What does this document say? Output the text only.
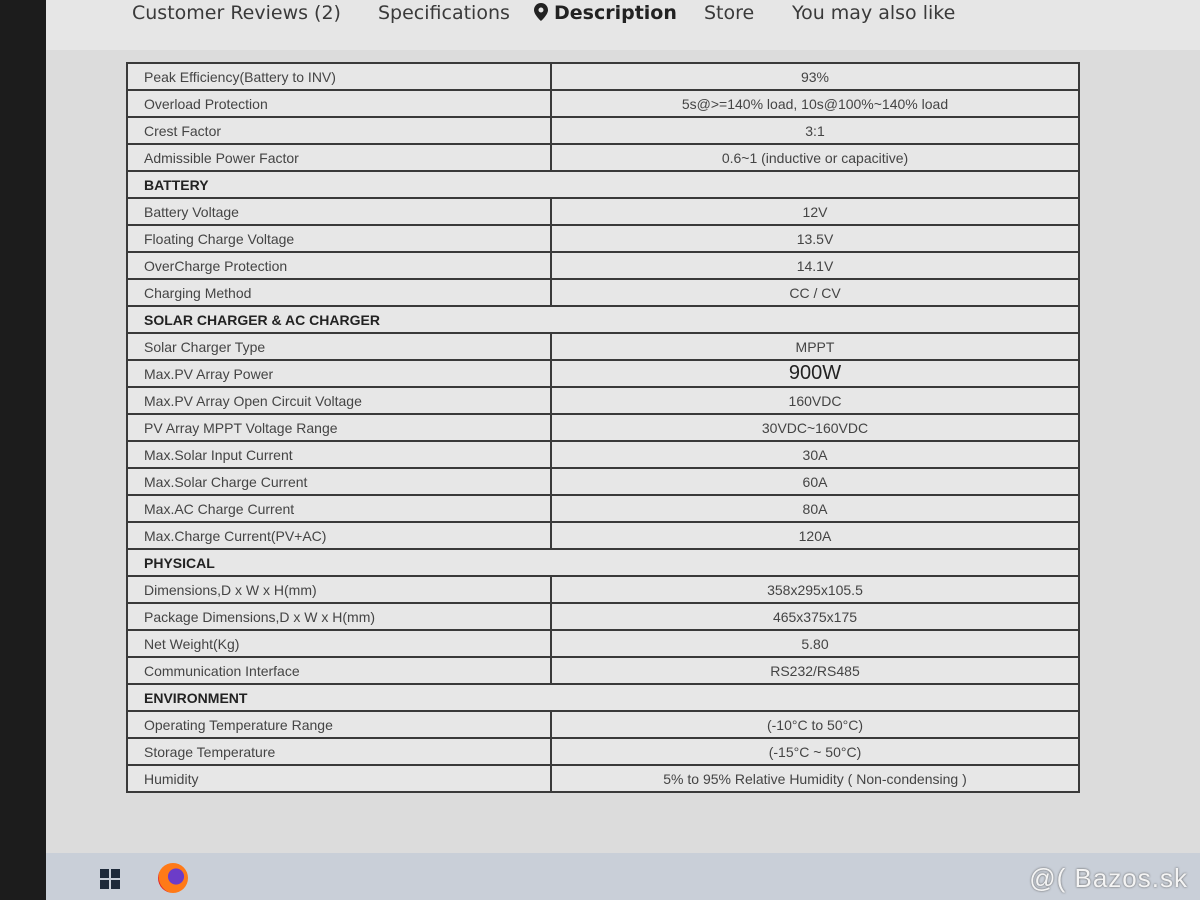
Customer Reviews (2) Specifications	Description Store You may also like
Peak Efficiency(Battery to INV)	93%
Overload Protection	5s@>=140% load, 10s@100%~140% load
Crest Factor	3:1
Admissible Power Factor	0.6~1 (inductive or capacitive)
BATTERY	
Battery Voltage	12V
Floating Charge Voltage	13.5V
OverCharge Protection	14.1V
Charging Method	CC / CV
SOLAR CHARGER & AC CHARGER	
Solar Charger Type	MPPT
Max.PV Array Power	900W
Max.PV Array Open Circuit Voltage	160VDC
PV Array MPPT Voltage Range	30VDC~160VDC
Max.Solar Input Current	30A
Max.Solar Charge Current	60A
Max.AC Charge Current	80A
Max.Charge Current(PV+AC)	120A
PHYSICAL	
Dimensions,D x W x H(mm)	358x295x105.5
Package Dimensions,D x W x H(mm)	465x375x175
Net Weight(Kg)	5.80
Communication Interface	RS232/RS485
ENVIRONMENT	
Operating Temperature Range	(-10°C to 50°C)
Storage Temperature	(-15°C ~ 50°C)
Humidity	5% to 95% Relative Humidity ( Non-condensing )
@( Bazos.sk
